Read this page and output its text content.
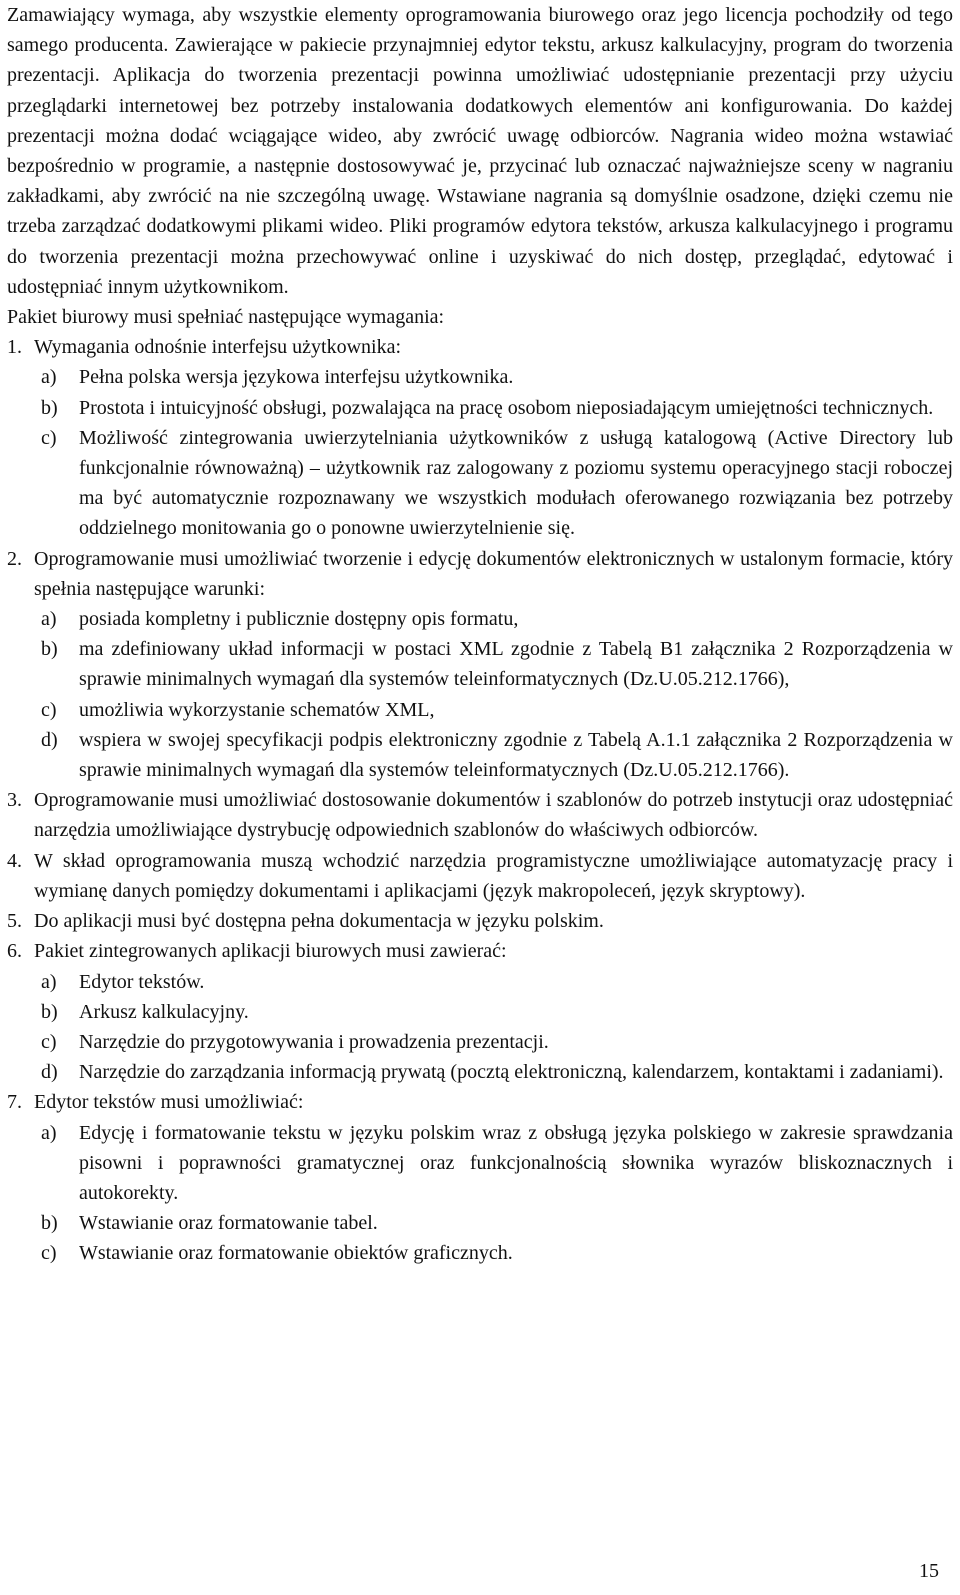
Zamawiający wymaga, aby wszystkie elementy oprogramowania biurowego oraz jego licencja pochodziły od tego samego producenta. Zawierające w pakiecie przynajmniej edytor tekstu, arkusz kalkulacyjny, program do tworzenia prezentacji. Aplikacja do tworzenia prezentacji powinna umożliwiać udostępnianie prezentacji przy użyciu przeglądarki internetowej bez potrzeby instalowania dodatkowych elementów ani konfigurowania. Do każdej prezentacji można dodać wciągające wideo, aby zwrócić uwagę odbiorców. Nagrania wideo można wstawiać bezpośrednio w programie, a następnie dostosowywać je, przycinać lub oznaczać najważniejsze sceny w nagraniu zakładkami, aby zwrócić na nie szczególną uwagę. Wstawiane nagrania są domyślnie osadzone, dzięki czemu nie trzeba zarządzać dodatkowymi plikami wideo. Pliki programów edytora tekstów, arkusza kalkulacyjnego i programu do tworzenia prezentacji można przechowywać online i uzyskiwać do nich dostęp, przeglądać, edytować i udostępniać innym użytkownikom.

Pakiet biurowy musi spełniać następujące wymagania:

1. Wymagania odnośnie interfejsu użytkownika:
a) Pełna polska wersja językowa interfejsu użytkownika.
b) Prostota i intuicyjność obsługi, pozwalająca na pracę osobom nieposiadającym umiejętności technicznych.
c) Możliwość zintegrowania uwierzytelniania użytkowników z usługą katalogową (Active Directory lub funkcjonalnie równoważną) – użytkownik raz zalogowany z poziomu systemu operacyjnego stacji roboczej ma być automatycznie rozpoznawany we wszystkich modułach oferowanego rozwiązania bez potrzeby oddzielnego monitowania go o ponowne uwierzytelnienie się.
2. Oprogramowanie musi umożliwiać tworzenie i edycję dokumentów elektronicznych w ustalonym formacie, który spełnia następujące warunki:
a) posiada kompletny i publicznie dostępny opis formatu,
b) ma zdefiniowany układ informacji w postaci XML zgodnie z Tabelą B1 załącznika 2 Rozporządzenia w sprawie minimalnych wymagań dla systemów teleinformatycznych (Dz.U.05.212.1766),
c) umożliwia wykorzystanie schematów XML,
d) wspiera w swojej specyfikacji podpis elektroniczny zgodnie z Tabelą A.1.1 załącznika 2 Rozporządzenia w sprawie minimalnych wymagań dla systemów teleinformatycznych (Dz.U.05.212.1766).
3. Oprogramowanie musi umożliwiać dostosowanie dokumentów i szablonów do potrzeb instytucji oraz udostępniać narzędzia umożliwiające dystrybucję odpowiednich szablonów do właściwych odbiorców.
4. W skład oprogramowania muszą wchodzić narzędzia programistyczne umożliwiające automatyzację pracy i wymianę danych pomiędzy dokumentami i aplikacjami (język makropoleceń, język skryptowy).
5. Do aplikacji musi być dostępna pełna dokumentacja w języku polskim.
6. Pakiet zintegrowanych aplikacji biurowych musi zawierać:
a) Edytor tekstów.
b) Arkusz kalkulacyjny.
c) Narzędzie do przygotowywania i prowadzenia prezentacji.
d) Narzędzie do zarządzania informacją prywatą (pocztą elektroniczną, kalendarzem, kontaktami i zadaniami).
7. Edytor tekstów musi umożliwiać:
a) Edycję i formatowanie tekstu w języku polskim wraz z obsługą języka polskiego w zakresie sprawdzania pisowni i poprawności gramatycznej oraz funkcjonalnością słownika wyrazów bliskoznacznych i autokorekty.
b) Wstawianie oraz formatowanie tabel.
c) Wstawianie oraz formatowanie obiektów graficznych.
15
